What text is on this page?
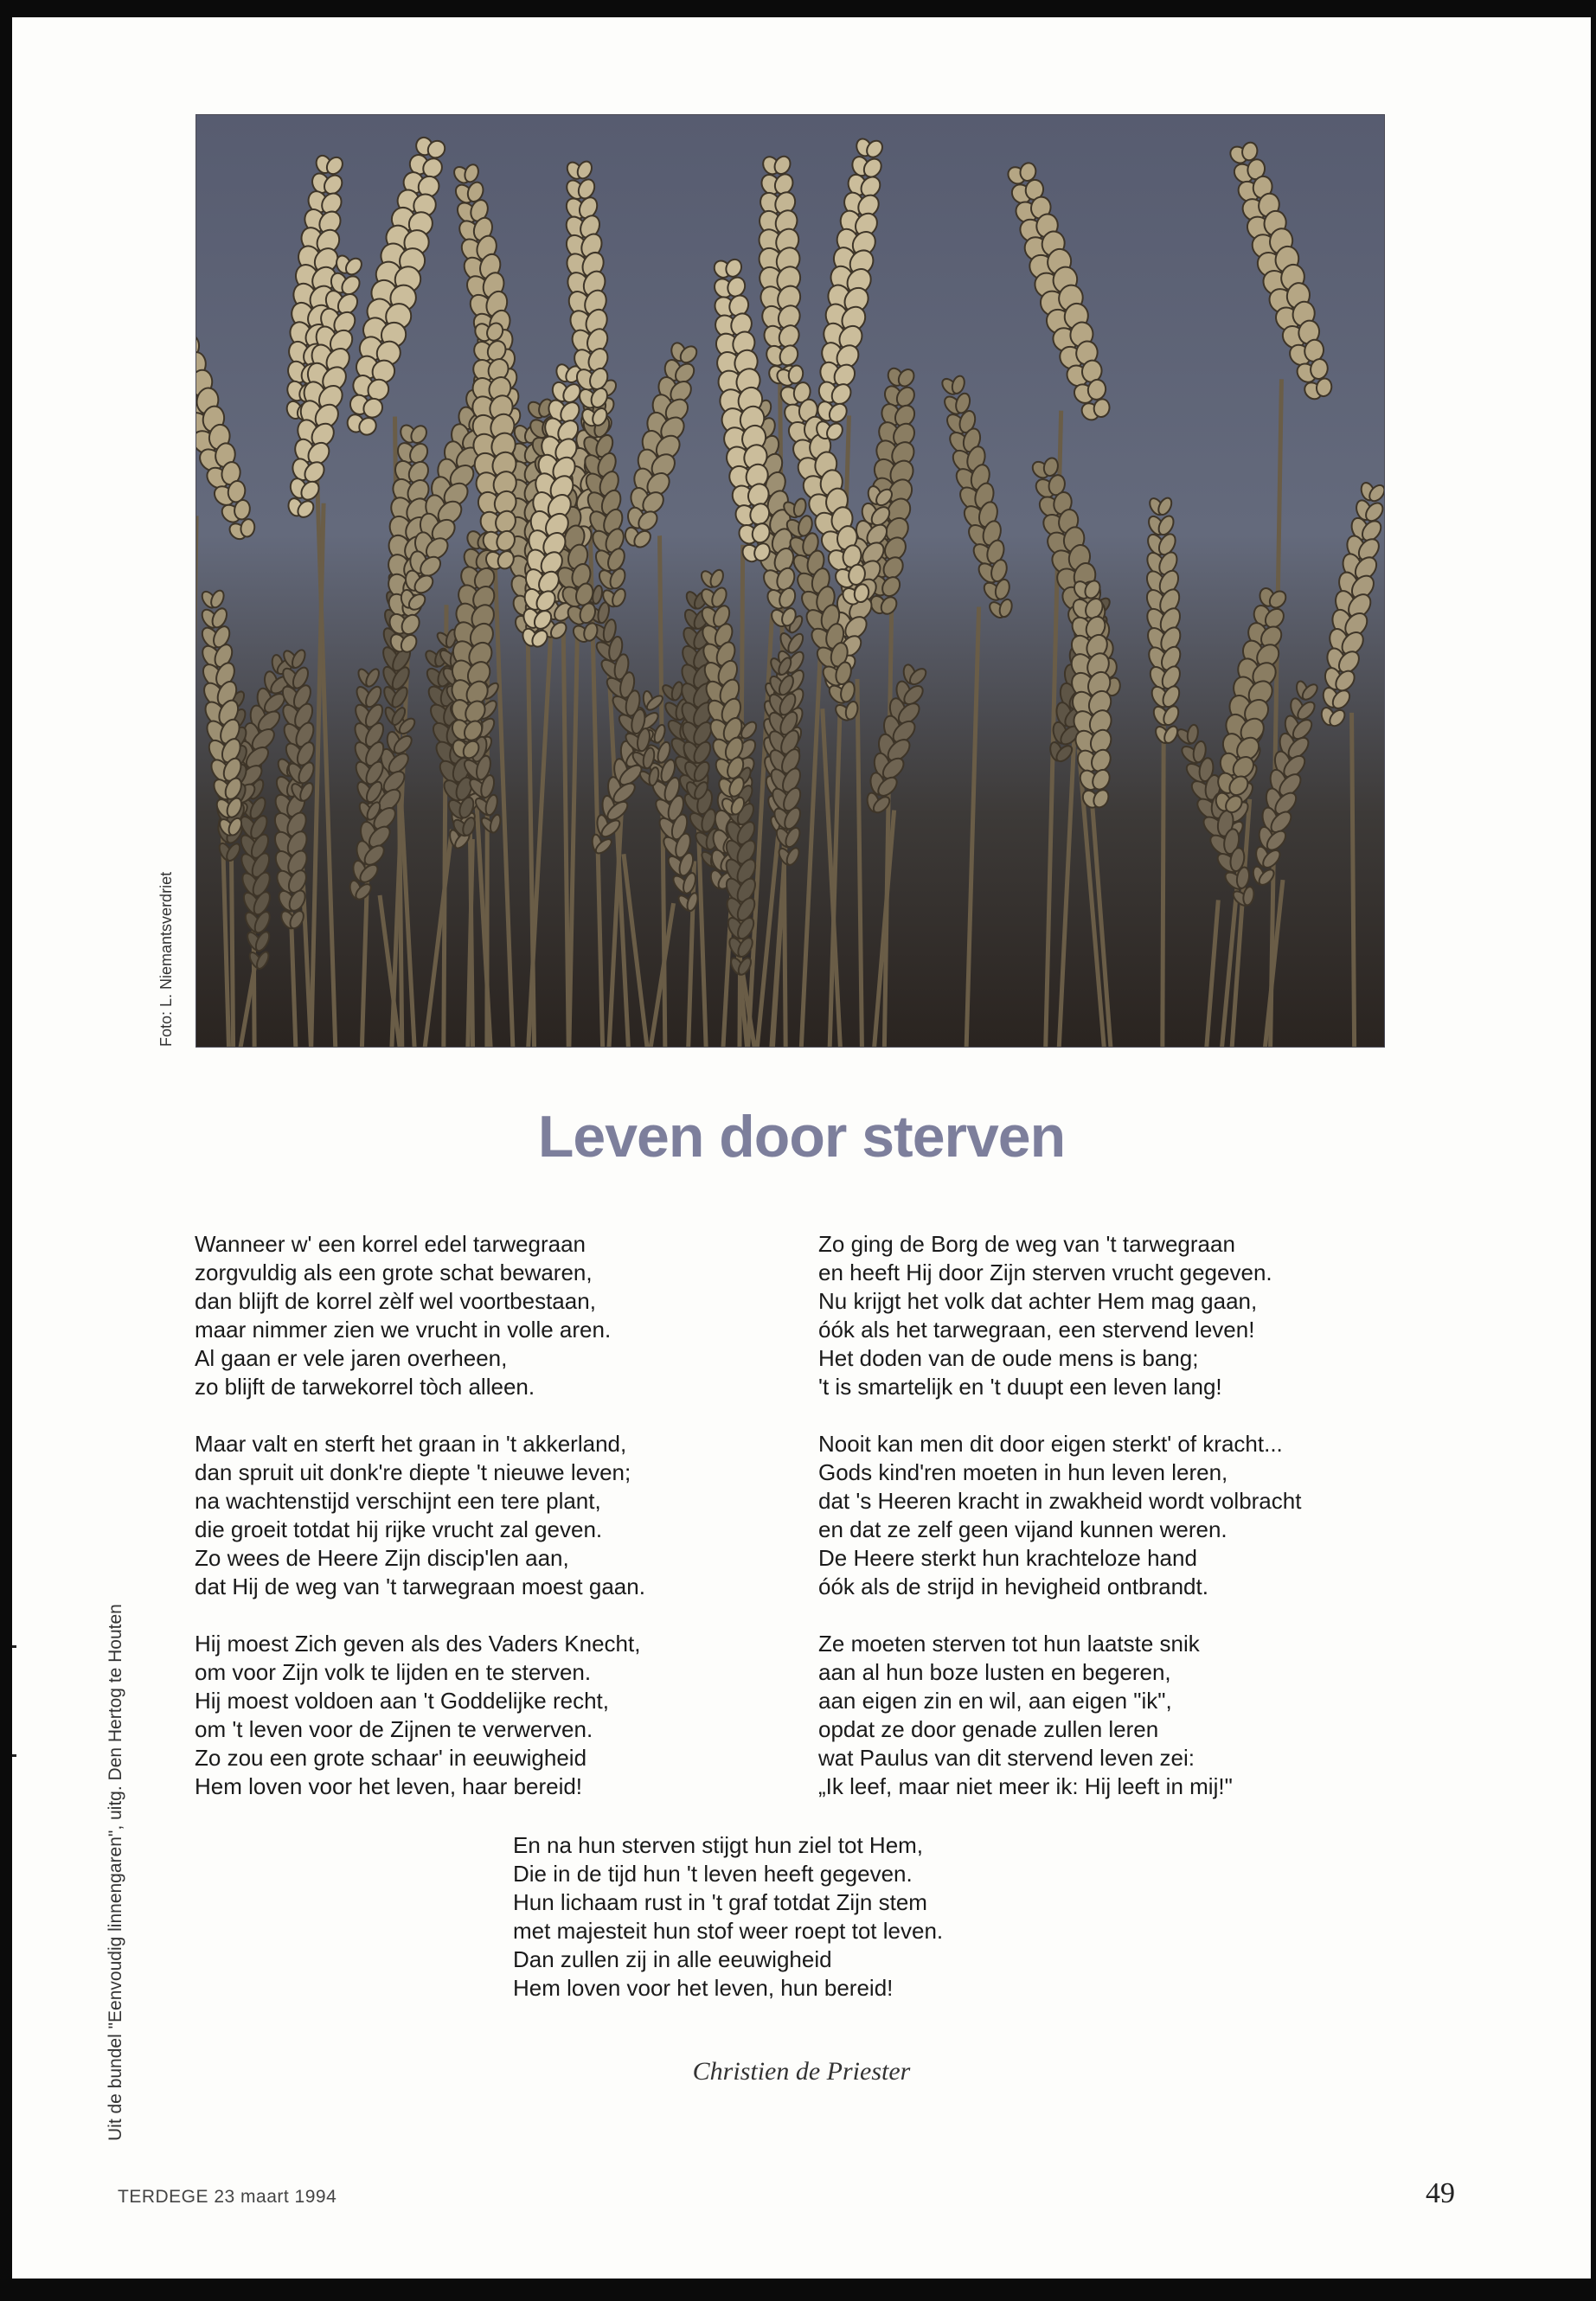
Foto: L. Niemantsverdriet
Leven door sterven
Wanneer w' een korrel edel tarwegraan
zorgvuldig als een grote schat bewaren,
dan blijft de korrel zèlf wel voortbestaan,
maar nimmer zien we vrucht in volle aren.
Al gaan er vele jaren overheen,
zo blijft de tarwekorrel tòch alleen.
Maar valt en sterft het graan in 't akkerland,
dan spruit uit donk're diepte 't nieuwe leven;
na wachtenstijd verschijnt een tere plant,
die groeit totdat hij rijke vrucht zal geven.
Zo wees de Heere Zijn discip'len aan,
dat Hij de weg van 't tarwegraan moest gaan.
Hij moest Zich geven als des Vaders Knecht,
om voor Zijn volk te lijden en te sterven.
Hij moest voldoen aan 't Goddelijke recht,
om 't leven voor de Zijnen te verwerven.
Zo zou een grote schaar' in eeuwigheid
Hem loven voor het leven, haar bereid!
Zo ging de Borg de weg van 't tarwegraan
en heeft Hij door Zijn sterven vrucht gegeven.
Nu krijgt het volk dat achter Hem mag gaan,
óók als het tarwegraan, een stervend leven!
Het doden van de oude mens is bang;
't is smartelijk en 't duupt een leven lang!
Nooit kan men dit door eigen sterkt' of kracht...
Gods kind'ren moeten in hun leven leren,
dat 's Heeren kracht in zwakheid wordt volbracht
en dat ze zelf geen vijand kunnen weren.
De Heere sterkt hun krachteloze hand
óók als de strijd in hevigheid ontbrandt.
Ze moeten sterven tot hun laatste snik
aan al hun boze lusten en begeren,
aan eigen zin en wil, aan eigen "ik",
opdat ze door genade zullen leren
wat Paulus van dit stervend leven zei:
„Ik leef, maar niet meer ik: Hij leeft in mij!"
En na hun sterven stijgt hun ziel tot Hem,
Die in de tijd hun 't leven heeft gegeven.
Hun lichaam rust in 't graf totdat Zijn stem
met majesteit hun stof weer roept tot leven.
Dan zullen zij in alle eeuwigheid
Hem loven voor het leven, hun bereid!
Christien de Priester
Uit de bundel "Eenvoudig linnengaren", uitg. Den Hertog te Houten
TERDEGE 23 maart 1994	49
